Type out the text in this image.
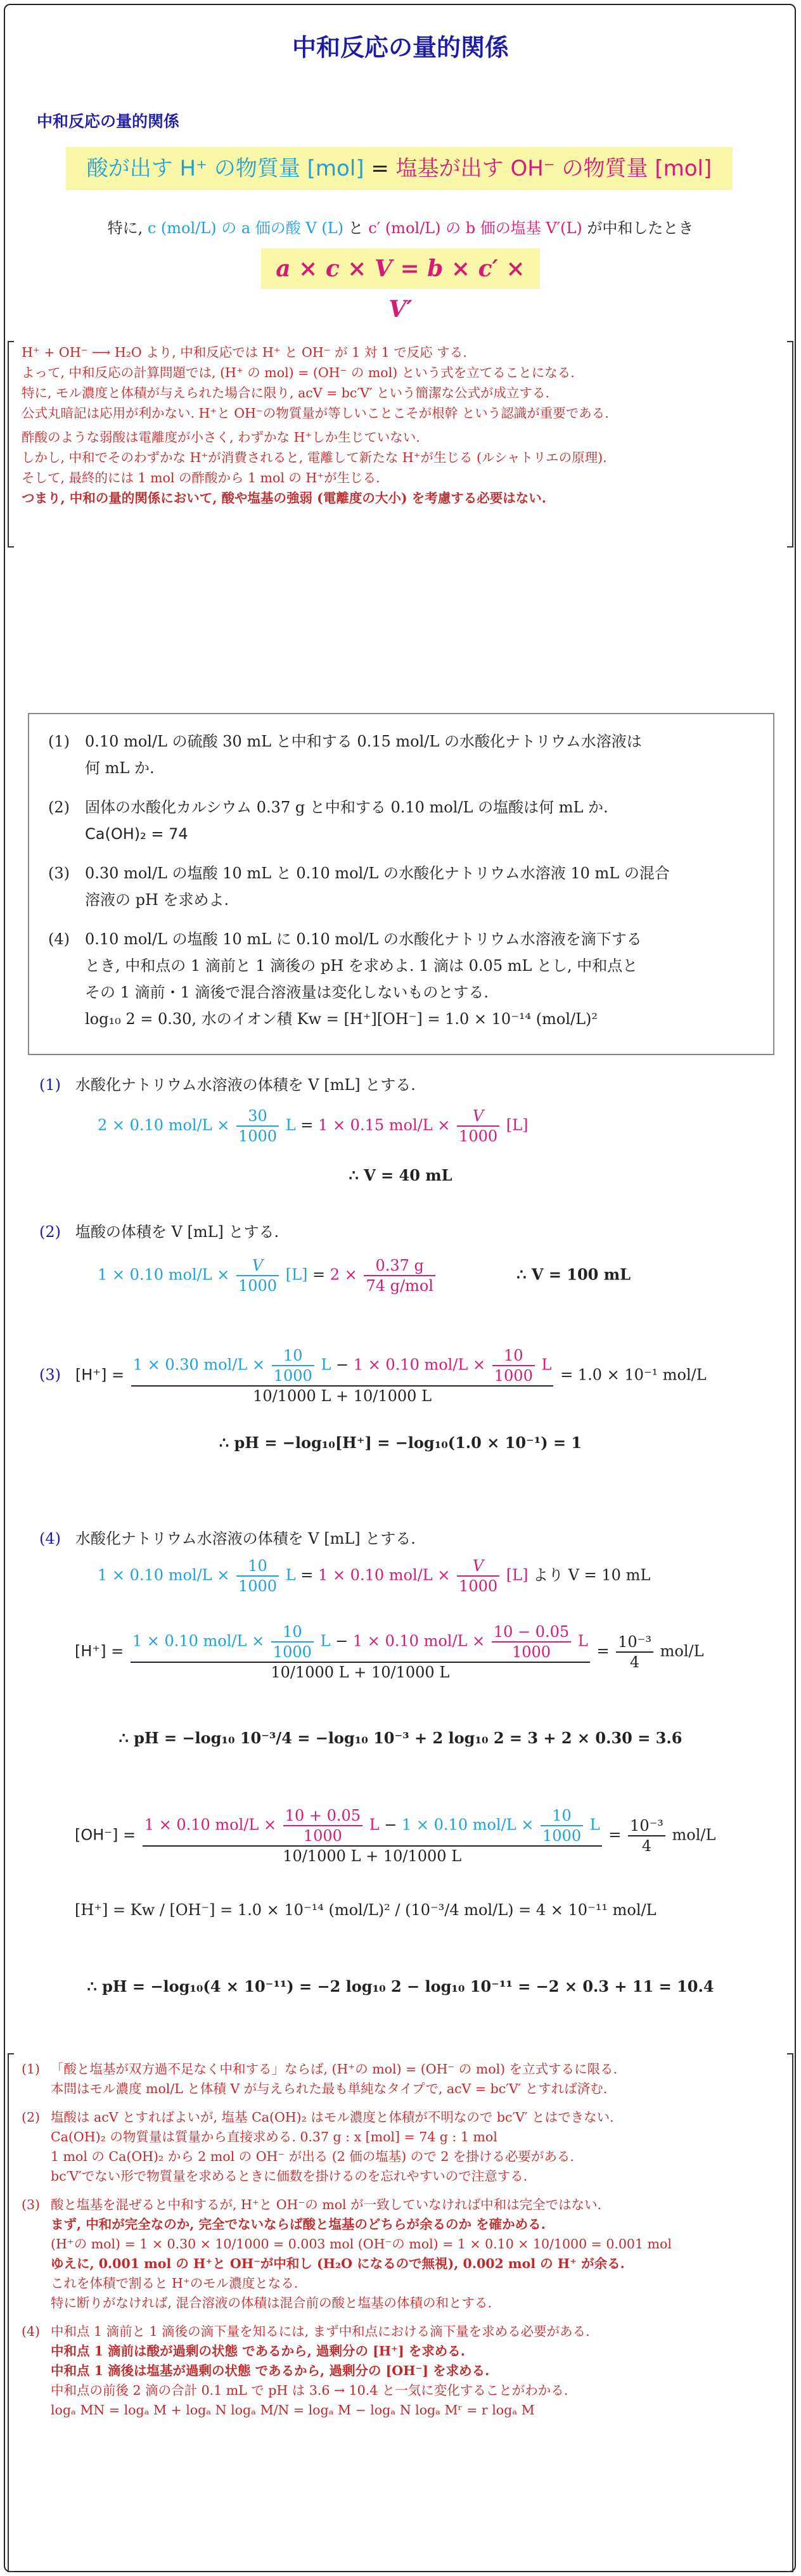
中和反応の量的関係
中和反応の量的関係
酸が出す H⁺ の物質量 [mol] = 塩基が出す OH⁻ の物質量 [mol]
特に, c (mol/L) の a 価の酸 V (L) と c′ (mol/L) の b 価の塩基 V′(L) が中和したとき
a × c × V = b × c′ × V′

H⁺ + OH⁻ ⟶ H₂O より, 中和反応では H⁺ と OH⁻ が 1 対 1 で反応 する.

よって, 中和反応の計算問題では, (H⁺ の mol) = (OH⁻ の mol) という式を立てることになる.

特に, モル濃度と体積が与えられた場合に限り, acV = bc′V′ という簡潔な公式が成立する.

公式丸暗記は応用が利かない. H⁺と OH⁻の物質量が等しいことこそが根幹 という認識が重要である.

酢酸のような弱酸は電離度が小さく, わずかな H⁺しか生じていない.

しかし, 中和でそのわずかな H⁺が消費されると, 電離して新たな H⁺が生じる (ルシャトリエの原理).

そして, 最終的には 1 mol の酢酸から 1 mol の H⁺が生じる.

つまり, 中和の量的関係において, 酸や塩基の強弱 (電離度の大小) を考慮する必要はない.

(1) 0.10 mol/L の硫酸 30 mL と中和する 0.15 mol/L の水酸化ナトリウム水溶液は
何 mL か.
(2) 固体の水酸化カルシウム 0.37 g と中和する 0.10 mol/L の塩酸は何 mL か.
Ca(OH)₂ = 74
(3) 0.30 mol/L の塩酸 10 mL と 0.10 mol/L の水酸化ナトリウム水溶液 10 mL の混合
溶液の pH を求めよ.
(4) 0.10 mol/L の塩酸 10 mL に 0.10 mol/L の水酸化ナトリウム水溶液を滴下する
とき, 中和点の 1 滴前と 1 滴後の pH を求めよ. 1 滴は 0.05 mL とし, 中和点と
その 1 滴前・1 滴後で混合溶液量は変化しないものとする.
log₁₀ 2 = 0.30, 水のイオン積 Kw = [H⁺][OH⁻] = 1.0 × 10⁻¹⁴ (mol/L)²
(1) 水酸化ナトリウム水溶液の体積を V [mL] とする.
2 × 0.10 $mol/L \times \frac{30}{1000}$ L = 1 × 0.15 $mol/L \times \frac{V}{1000} [L]$
∴ V = 40 mL
(2) 塩酸の体積を V [mL] とする.
1 × 0.10 $mol/L \times \frac{V}{1000} [L] = 2 \times \frac{0.37 g}{\text{74 g/mol}}$	∴ V = 100 mL
(3) [H⁺] =
1 × 0.30 $mol/L \times \frac{10}{1000}$ L − 1 × 0.10 $mol/L \times \frac{10}{1000}$ L
10/1000 L + 10/1000 L
= 1.0 × 10⁻¹ mol/L
∴ pH = −log₁₀[H⁺] = −log₁₀(1.0 × 10⁻¹) = 1
(4) 水酸化ナトリウム水溶液の体積を V [mL] とする.
1 × 0.10 $mol/L \times \frac{10}{1000}$ L = 1 × 0.10 $mol/L \times \frac{V}{1000} [L]$ より V = 10 mL
[H⁺] =
1 × 0.10 $mol/L \times \frac{10}{1000}$ L − 1 × 0.10 $mol/L \times \frac{10 - 0.05}{1000}$ L
10/1000 L + 10/1000 L
= $\frac{\text{10⁻³}}{4} mol/L$
∴ pH = −log₁₀ 10⁻³/4 = −log₁₀ 10⁻³ + 2 log₁₀ 2 = 3 + 2 × 0.30 = 3.6
[OH⁻] =
1 × 0.10 $mol/L \times \frac{10 + 0.05}{1000}$ L − 1 × 0.10 $mol/L \times \frac{10}{1000}$ L
10/1000 L + 10/1000 L
= $\frac{\text{10⁻³}}{4} mol/L$
[H⁺] = Kw / [OH⁻] = 1.0 × 10⁻¹⁴ (mol/L)² / (10⁻³/4 mol/L) = 4 × 10⁻¹¹ mol/L
∴ pH = −log₁₀(4 × 10⁻¹¹) = −2 log₁₀ 2 − log₁₀ 10⁻¹¹ = −2 × 0.3 + 11 = 10.4
(1) 「酸と塩基が双方過不足なく中和する」ならば, (H⁺の mol) = (OH⁻ の mol) を立式するに限る.
本問はモル濃度 mol/L と体積 V が与えられた最も単純なタイプで, acV = bc′V′ とすれば済む.
(2) 塩酸は acV とすればよいが, 塩基 Ca(OH)₂ はモル濃度と体積が不明なので bc′V′ とはできない.
Ca(OH)₂ の物質量は質量から直接求める. 0.37 g : x [mol] = 74 g : 1 mol
1 mol の Ca(OH)₂ から 2 mol の OH⁻ が出る (2 価の塩基) ので 2 を掛ける必要がある.
bc′V′でない形で物質量を求めるときに価数を掛けるのを忘れやすいので注意する.
(3) 酸と塩基を混ぜると中和するが, H⁺と OH⁻の mol が一致していなければ中和は完全ではない.
まず, 中和が完全なのか, 完全でないならば酸と塩基のどちらが余るのか を確かめる.
(H⁺の mol) = 1 × 0.30 × 10/1000 = 0.003 mol (OH⁻の mol) = 1 × 0.10 × 10/1000 = 0.001 mol
ゆえに, 0.001 mol の H⁺と OH⁻が中和し (H₂O になるので無視), 0.002 mol の H⁺ が余る.
これを体積で割ると H⁺のモル濃度となる.
特に断りがなければ, 混合溶液の体積は混合前の酸と塩基の体積の和とする.
(4) 中和点 1 滴前と 1 滴後の滴下量を知るには, まず中和点における滴下量を求める必要がある.
中和点 1 滴前は酸が過剰の状態 であるから, 過剰分の [H⁺] を求める.
中和点 1 滴後は塩基が過剰の状態 であるから, 過剰分の [OH⁻] を求める.
中和点の前後 2 滴の合計 0.1 mL で pH は 3.6 → 10.4 と一気に変化することがわかる.
logₐ MN = logₐ M + logₐ N logₐ M/N = logₐ M − logₐ N logₐ Mʳ = r logₐ M
